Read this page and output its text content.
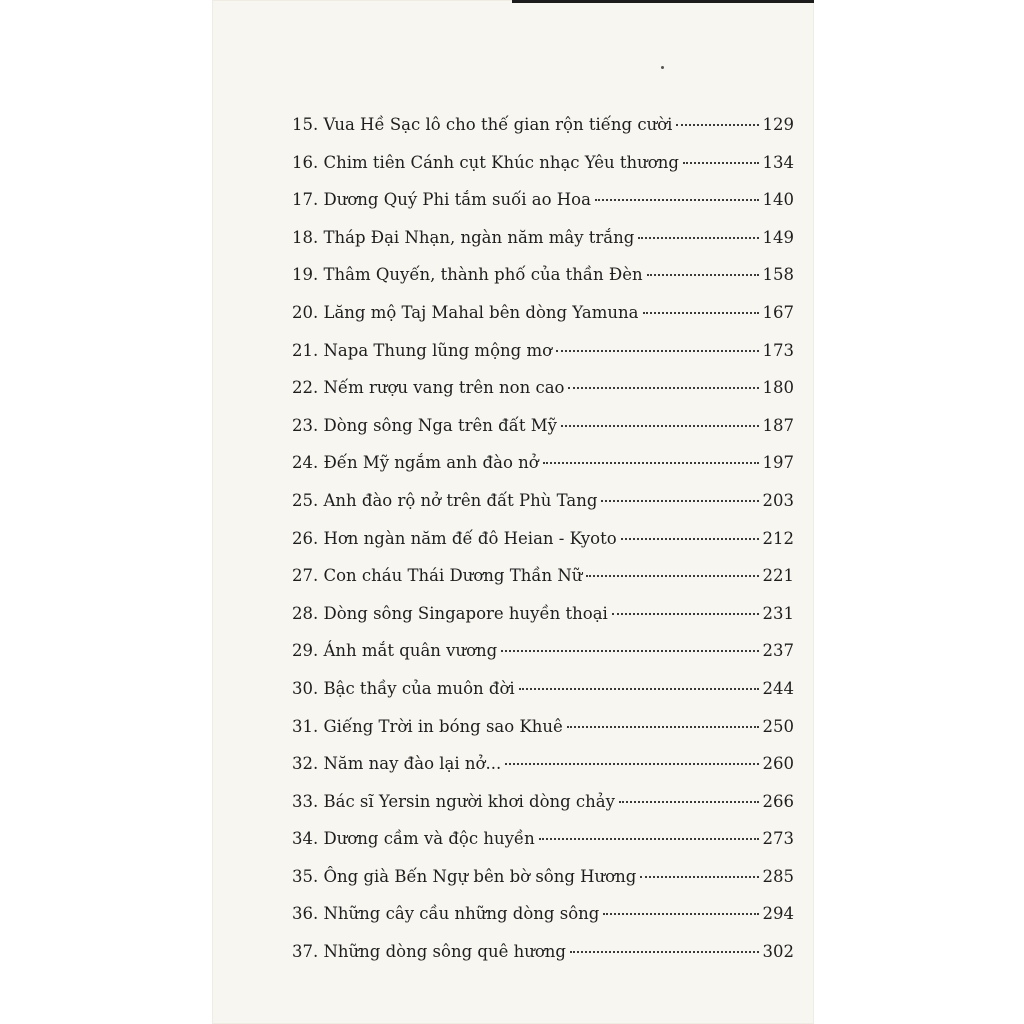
15. Vua Hề Sạc lô cho thế gian rộn tiếng cười	129
16. Chim tiên Cánh cụt Khúc nhạc Yêu thương	134
17. Dương Quý Phi tắm suối ao Hoa	140
18. Tháp Đại Nhạn, ngàn năm mây trắng	149
19. Thâm Quyến, thành phố của thần Đèn	158
20. Lăng mộ Taj Mahal bên dòng Yamuna	167
21. Napa Thung lũng mộng mơ	173
22. Nếm rượu vang trên non cao	180
23. Dòng sông Nga trên đất Mỹ	187
24. Đến Mỹ ngắm anh đào nở	197
25. Anh đào rộ nở trên đất Phù Tang	203
26. Hơn ngàn năm đế đô Heian - Kyoto	212
27. Con cháu Thái Dương Thần Nữ	221
28. Dòng sông Singapore huyền thoại	231
29. Ánh mắt quân vương	237
30. Bậc thầy của muôn đời	244
31. Giếng Trời in bóng sao Khuê	250
32. Năm nay đào lại nở...	260
33. Bác sĩ Yersin người khơi dòng chảy	266
34. Dương cầm và độc huyền	273
35. Ông già Bến Ngự bên bờ sông Hương	285
36. Những cây cầu những dòng sông	294
37. Những dòng sông quê hương	302
